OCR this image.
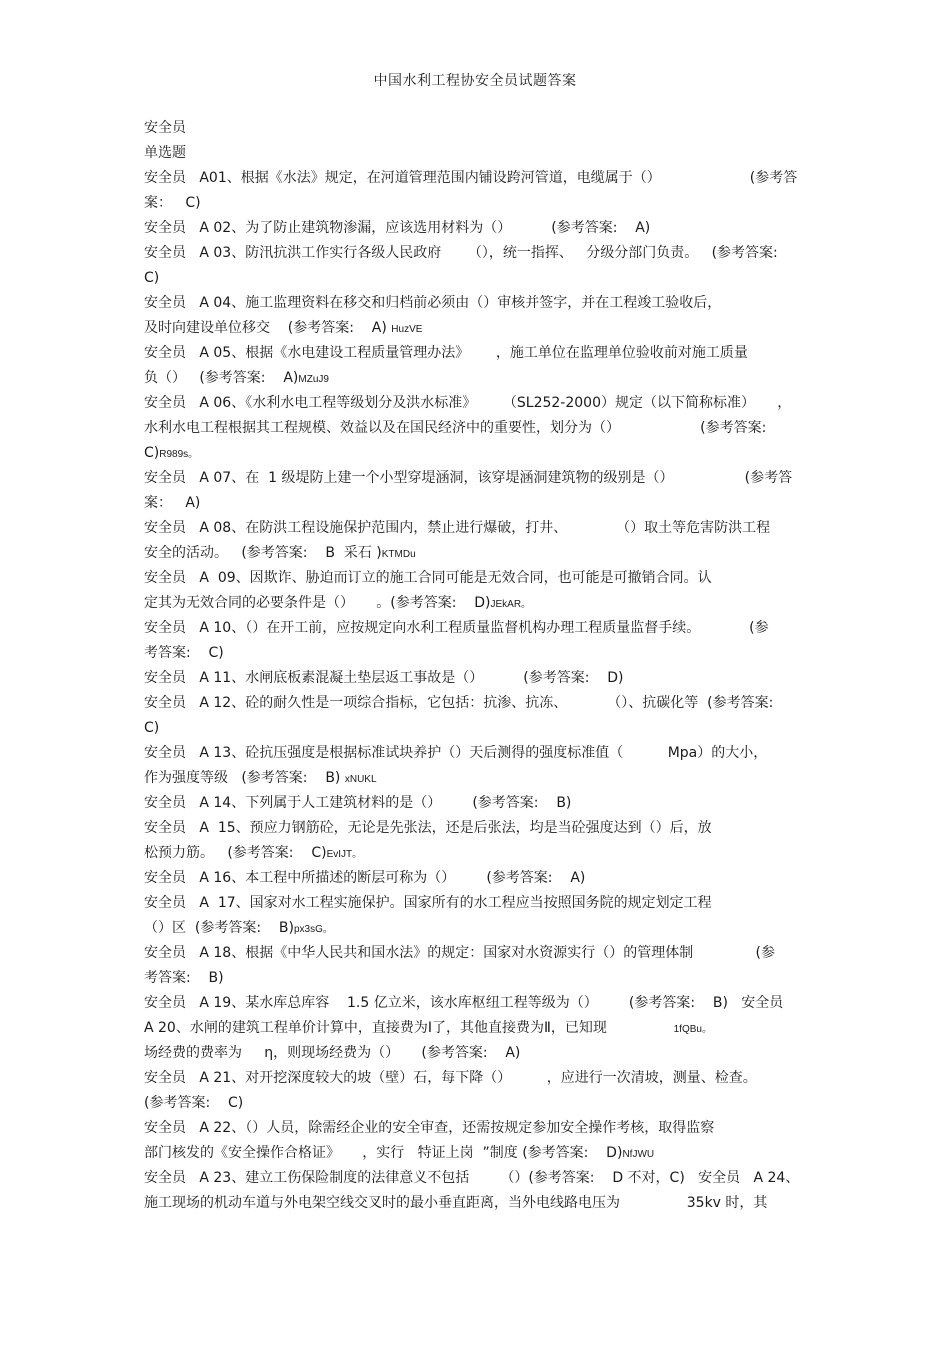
中国水利工程协安全员试题答案
安全员
单选题
安全员   A01、根据《水法》规定，在河道管理范围内铺设跨河管道，电缆属于（）                    (参考答
案：   C)
安全员   A 02、为了防止建筑物渗漏，应该选用材料为（）         (参考答案:    A)
安全员   A 03、防汛抗洪工作实行各级人民政府      （），统一指挥、   分级分部门负责。   (参考答案:
C)
安全员   A 04、施工监理资料在移交和归档前必须由（）审核并签字，并在工程竣工验收后，
及时向建设单位移交    (参考答案:    A) HuzVE
安全员   A 05、根据《水电建设工程质量管理办法》      ，施工单位在监理单位验收前对施工质量
负（）   (参考答案:    A)MZuJ9
安全员   A 06、《水利水电工程等级划分及洪水标准》      （SL252-2000）规定（以下简称标准）     ，
水利水电工程根据其工程规模、效益以及在国民经济中的重要性，划分为（）                  (参考答案:
C)R989s。
安全员   A 07、在  1 级堤防上建一个小型穿堤涵洞，该穿堤涵洞建筑物的级别是（）                (参考答
案：   A)
安全员   A 08、在防洪工程设施保护范围内，禁止进行爆破，打井、           （）取土等危害防洪工程
安全的活动。   (参考答案:    B  采石 )KTMDu
安全员   A  09、因欺诈、胁迫而订立的施工合同可能是无效合同，也可能是可撤销合同。认
定其为无效合同的必要条件是（）     。(参考答案:    D)JEkAR。
安全员   A 10、（）在开工前，应按规定向水利工程质量监督机构办理工程质量监督手续。           (参
考答案:    C)
安全员   A 11、水闸底板素混凝土垫层返工事故是（）         (参考答案:    D)
安全员   A 12、砼的耐久性是一项综合指标，它包括：抗渗、抗冻、         （）、抗碳化等  (参考答案:
C)
安全员   A 13、砼抗压强度是根据标准试块养护（）天后测得的强度标准值（          Mpa）的大小，
作为强度等级   (参考答案:    B) xNUKL
安全员   A 14、下列属于人工建筑材料的是（）       (参考答案:    B)
安全员   A  15、预应力钢筋砼，无论是先张法，还是后张法，均是当砼强度达到（）后，放
松预力筋。   (参考答案:    C)EvIJT。
安全员   A 16、本工程中所描述的断层可称为（）       (参考答案:    A)
安全员   A  17、国家对水工程实施保护。国家所有的水工程应当按照国务院的规定划定工程
（）区  (参考答案:    B)px3sG。
安全员   A 18、根据《中华人民共和国水法》的规定：国家对水资源实行（）的管理体制              (参
考答案:    B)
安全员   A 19、某水库总库容    1.5 亿立米，该水库枢纽工程等级为（）       (参考答案:    B)   安全员
A 20、水闸的建筑工程单价计算中，直接费为Ⅰ了，其他直接费为Ⅱ，已知现               1fQBu。
场经费的费率为     η，则现场经费为（）     (参考答案:    A)
安全员   A 21、对开挖深度较大的坡（壁）石，每下降（）        ，应进行一次清坡，测量、检查。
(参考答案:    C)
安全员   A 22、（）人员，除需经企业的安全审查，还需按规定参加安全操作考核，取得监察
部门核发的《安全操作合格证》     ，实行   特证上岗  ”制度 (参考答案:    D)NfJWU
安全员   A 23、建立工伤保险制度的法律意义不包括       （）(参考答案:    D 不对，C)   安全员   A 24、
施工现场的机动车道与外电架空线交叉时的最小垂直距离，当外电线路电压为               35kv 时，其
